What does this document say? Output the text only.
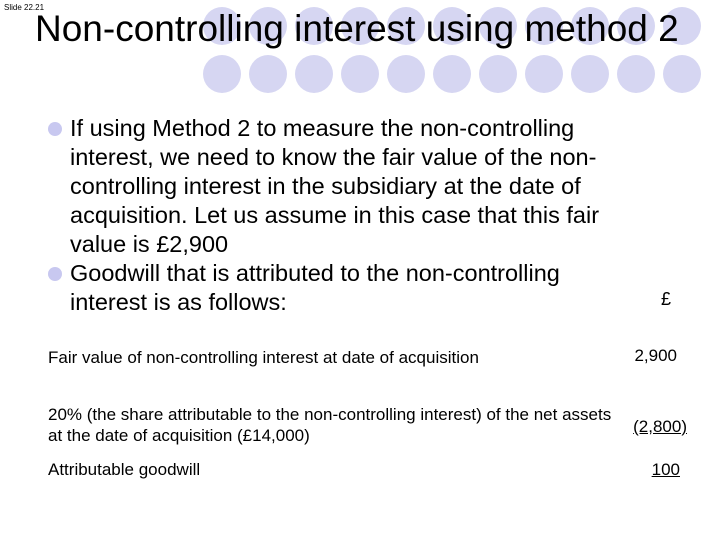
Slide 22.21
Non-controlling interest using method 2
If using Method 2 to measure the non-controlling interest, we need to know the fair value of the non-controlling interest in the subsidiary at the date of acquisition. Let us assume in this case that this fair value is £2,900
Goodwill that is attributed to the non-controlling interest is as follows:	£
Fair value of non-controlling interest at date of acquisition	2,900
20% (the share attributable to the non-controlling interest) of the net assets at the date of acquisition (£14,000)	(2,800)
Attributable goodwill	100
